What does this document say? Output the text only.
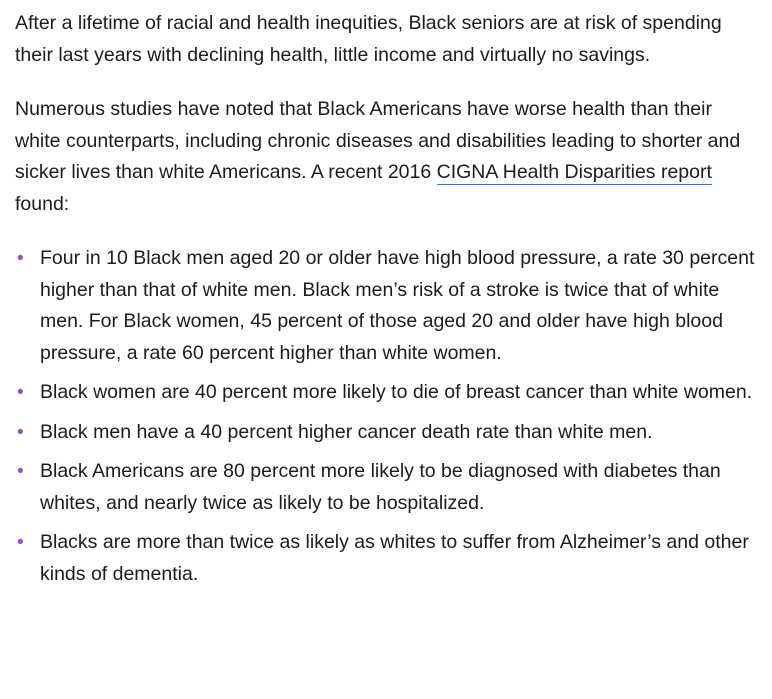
After a lifetime of racial and health inequities, Black seniors are at risk of spending their last years with declining health, little income and virtually no savings.

Numerous studies have noted that Black Americans have worse health than their white counterparts, including chronic diseases and disabilities leading to shorter and sicker lives than white Americans. A recent 2016 CIGNA Health Disparities report found:

• Four in 10 Black men aged 20 or older have high blood pressure, a rate 30 percent higher than that of white men. Black men’s risk of a stroke is twice that of white men. For Black women, 45 percent of those aged 20 and older have high blood pressure, a rate 60 percent higher than white women.
• Black women are 40 percent more likely to die of breast cancer than white women.
• Black men have a 40 percent higher cancer death rate than white men.
• Black Americans are 80 percent more likely to be diagnosed with diabetes than whites, and nearly twice as likely to be hospitalized.
• Blacks are more than twice as likely as whites to suffer from Alzheimer’s and other kinds of dementia.
